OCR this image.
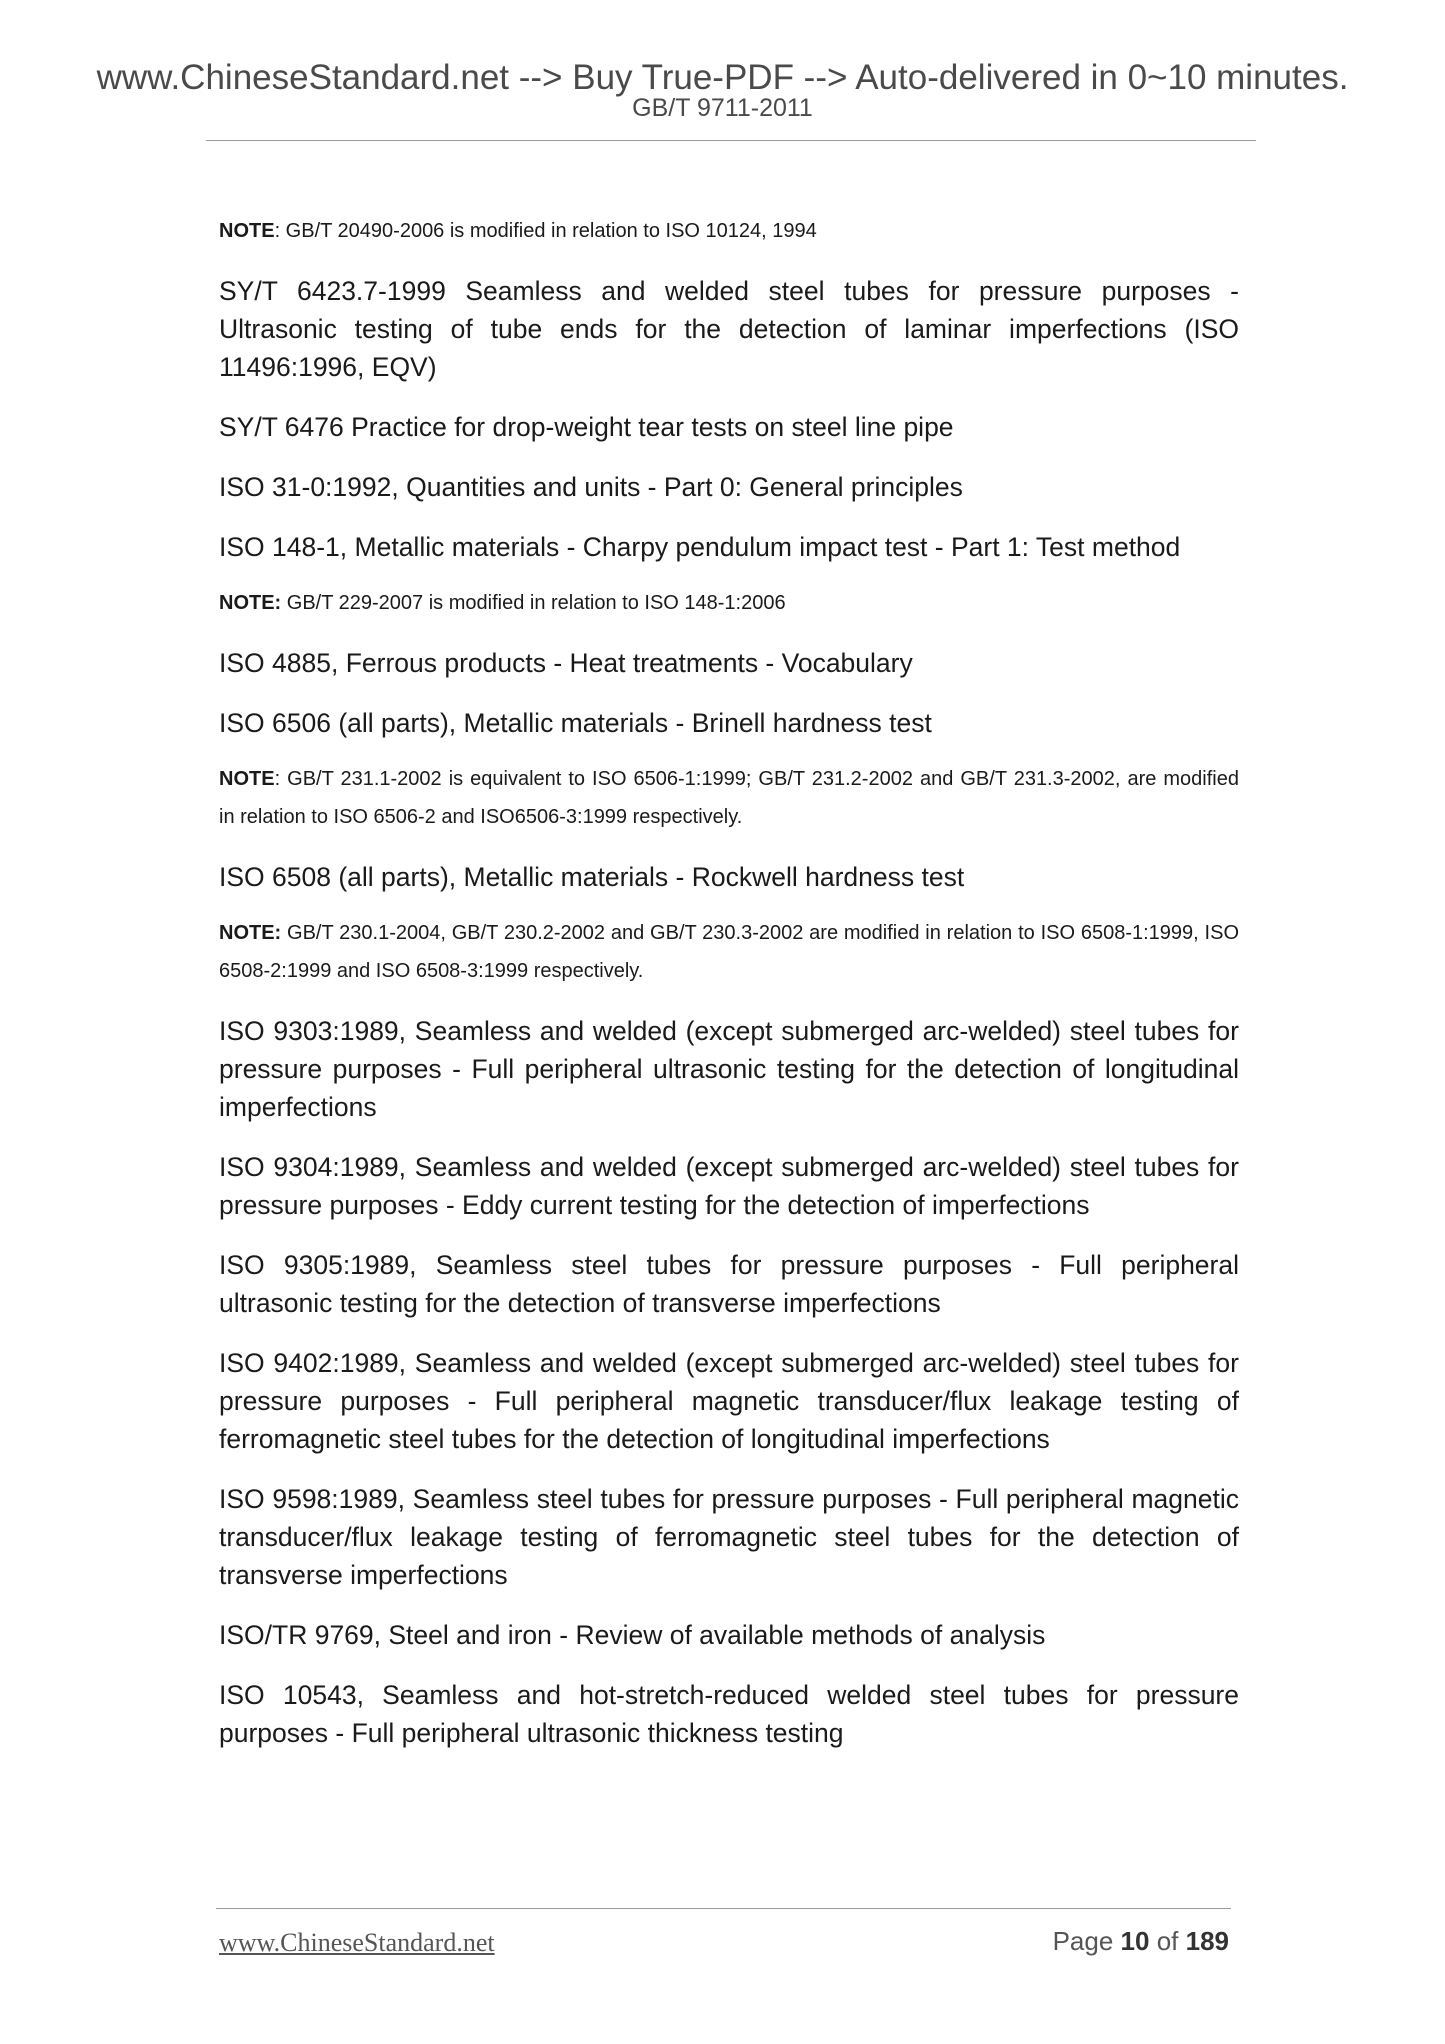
www.ChineseStandard.net --> Buy True-PDF --> Auto-delivered in 0~10 minutes.
GB/T 9711-2011

NOTE: GB/T 20490-2006 is modified in relation to ISO 10124, 1994

SY/T 6423.7-1999 Seamless and welded steel tubes for pressure purposes - Ultrasonic testing of tube ends for the detection of laminar imperfections (ISO 11496:1996, EQV)

SY/T 6476 Practice for drop-weight tear tests on steel line pipe

ISO 31-0:1992, Quantities and units - Part 0: General principles

ISO 148-1, Metallic materials - Charpy pendulum impact test - Part 1: Test method

NOTE: GB/T 229-2007 is modified in relation to ISO 148-1:2006

ISO 4885, Ferrous products - Heat treatments - Vocabulary

ISO 6506 (all parts), Metallic materials - Brinell hardness test

NOTE: GB/T 231.1-2002 is equivalent to ISO 6506-1:1999; GB/T 231.2-2002 and GB/T 231.3-2002, are modified in relation to ISO 6506-2 and ISO6506-3:1999 respectively.

ISO 6508 (all parts), Metallic materials - Rockwell hardness test

NOTE: GB/T 230.1-2004, GB/T 230.2-2002 and GB/T 230.3-2002 are modified in relation to ISO 6508-1:1999, ISO 6508-2:1999 and ISO 6508-3:1999 respectively.

ISO 9303:1989, Seamless and welded (except submerged arc-welded) steel tubes for pressure purposes - Full peripheral ultrasonic testing for the detection of longitudinal imperfections

ISO 9304:1989, Seamless and welded (except submerged arc-welded) steel tubes for pressure purposes - Eddy current testing for the detection of imperfections

ISO 9305:1989, Seamless steel tubes for pressure purposes - Full peripheral ultrasonic testing for the detection of transverse imperfections

ISO 9402:1989, Seamless and welded (except submerged arc-welded) steel tubes for pressure purposes - Full peripheral magnetic transducer/flux leakage testing of ferromagnetic steel tubes for the detection of longitudinal imperfections

ISO 9598:1989, Seamless steel tubes for pressure purposes - Full peripheral magnetic transducer/flux leakage testing of ferromagnetic steel tubes for the detection of transverse imperfections

ISO/TR 9769, Steel and iron - Review of available methods of analysis

ISO 10543, Seamless and hot-stretch-reduced welded steel tubes for pressure purposes - Full peripheral ultrasonic thickness testing

www.ChineseStandard.net	Page 10 of 189
